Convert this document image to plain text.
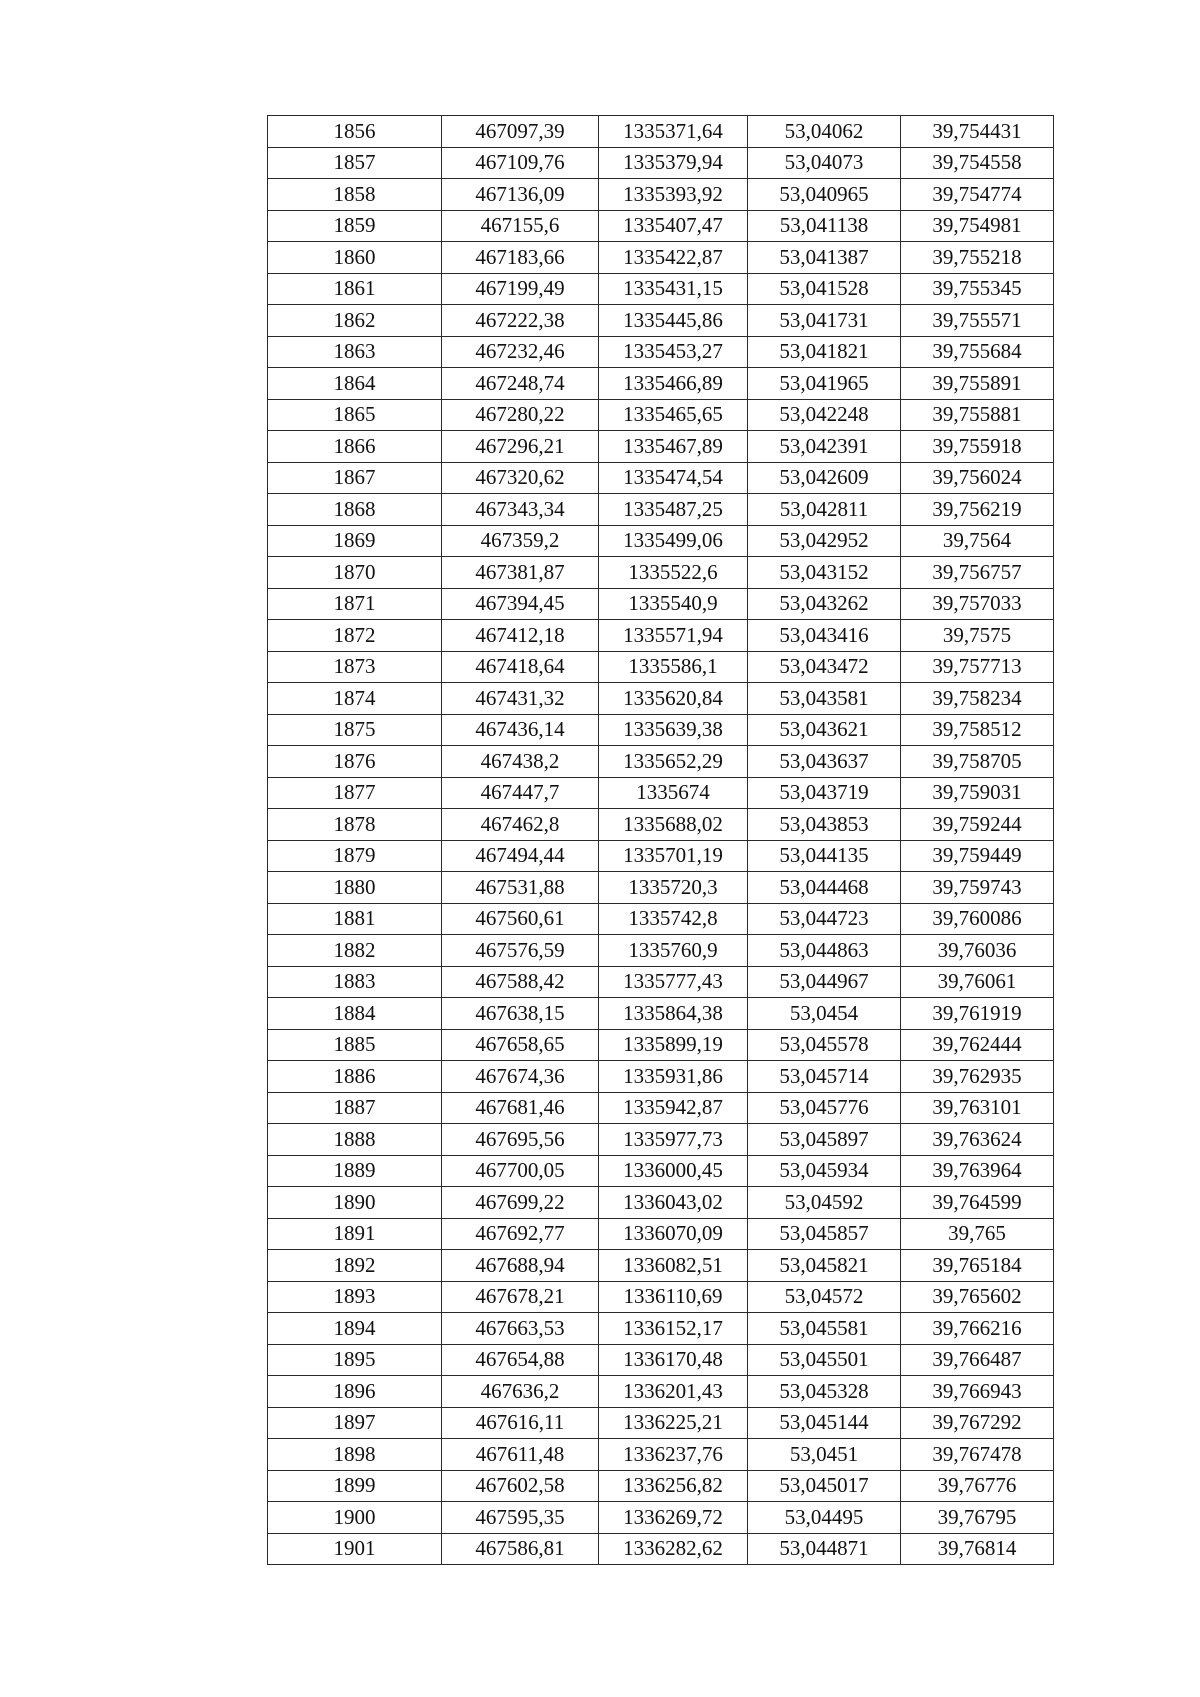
1856	467097,39	1335371,64	53,04062	39,754431
1857	467109,76	1335379,94	53,04073	39,754558
1858	467136,09	1335393,92	53,040965	39,754774
1859	467155,6	1335407,47	53,041138	39,754981
1860	467183,66	1335422,87	53,041387	39,755218
1861	467199,49	1335431,15	53,041528	39,755345
1862	467222,38	1335445,86	53,041731	39,755571
1863	467232,46	1335453,27	53,041821	39,755684
1864	467248,74	1335466,89	53,041965	39,755891
1865	467280,22	1335465,65	53,042248	39,755881
1866	467296,21	1335467,89	53,042391	39,755918
1867	467320,62	1335474,54	53,042609	39,756024
1868	467343,34	1335487,25	53,042811	39,756219
1869	467359,2	1335499,06	53,042952	39,7564
1870	467381,87	1335522,6	53,043152	39,756757
1871	467394,45	1335540,9	53,043262	39,757033
1872	467412,18	1335571,94	53,043416	39,7575
1873	467418,64	1335586,1	53,043472	39,757713
1874	467431,32	1335620,84	53,043581	39,758234
1875	467436,14	1335639,38	53,043621	39,758512
1876	467438,2	1335652,29	53,043637	39,758705
1877	467447,7	1335674	53,043719	39,759031
1878	467462,8	1335688,02	53,043853	39,759244
1879	467494,44	1335701,19	53,044135	39,759449
1880	467531,88	1335720,3	53,044468	39,759743
1881	467560,61	1335742,8	53,044723	39,760086
1882	467576,59	1335760,9	53,044863	39,76036
1883	467588,42	1335777,43	53,044967	39,76061
1884	467638,15	1335864,38	53,0454	39,761919
1885	467658,65	1335899,19	53,045578	39,762444
1886	467674,36	1335931,86	53,045714	39,762935
1887	467681,46	1335942,87	53,045776	39,763101
1888	467695,56	1335977,73	53,045897	39,763624
1889	467700,05	1336000,45	53,045934	39,763964
1890	467699,22	1336043,02	53,04592	39,764599
1891	467692,77	1336070,09	53,045857	39,765
1892	467688,94	1336082,51	53,045821	39,765184
1893	467678,21	1336110,69	53,04572	39,765602
1894	467663,53	1336152,17	53,045581	39,766216
1895	467654,88	1336170,48	53,045501	39,766487
1896	467636,2	1336201,43	53,045328	39,766943
1897	467616,11	1336225,21	53,045144	39,767292
1898	467611,48	1336237,76	53,0451	39,767478
1899	467602,58	1336256,82	53,045017	39,76776
1900	467595,35	1336269,72	53,04495	39,76795
1901	467586,81	1336282,62	53,044871	39,76814
